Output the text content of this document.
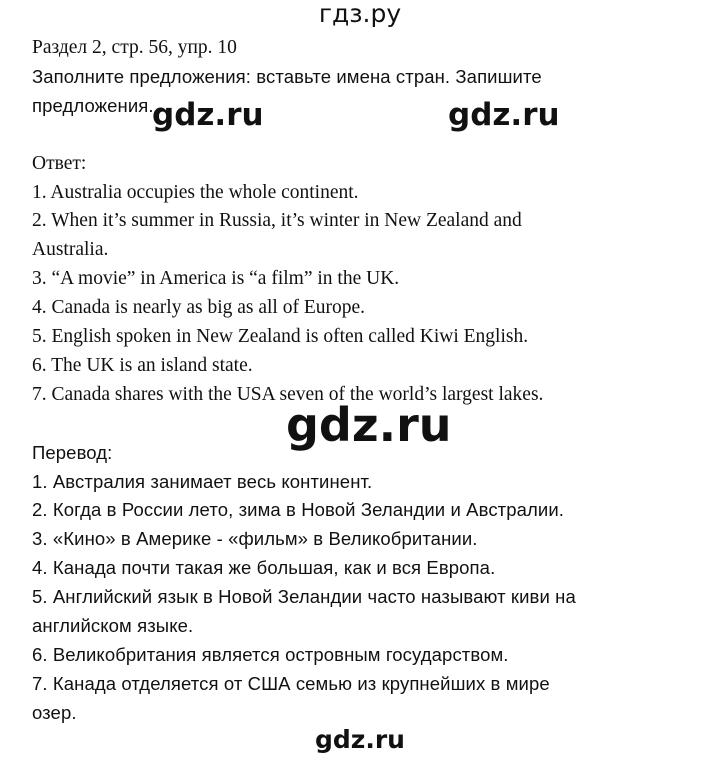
гдз.ру

Раздел 2, стр. 56, упр. 10

Заполните предложения: вставьте имена стран. Запишите

предложения.

Ответ:

1. Australia occupies the whole continent.

2. When it’s summer in Russia, it’s winter in New Zealand and

Australia.

3. “A movie” in America is “a film” in the UK.

4. Canada is nearly as big as all of Europe.

5. English spoken in New Zealand is often called Kiwi English.

6. The UK is an island state.

7. Canada shares with the USA seven of the world’s largest lakes.

Перевод:

1. Австралия занимает весь континент.

2. Когда в России лето, зима в Новой Зеландии и Австралии.

3. «Кино» в Америке - «фильм» в Великобритании.

4. Канада почти такая же большая, как и вся Европа.

5. Английский язык в Новой Зеландии часто называют киви на

английском языке.

6. Великобритания является островным государством.

7. Канада отделяется от США семью из крупнейших в мире

озер.

gdz.ru	gdz.ru
gdz.ru
gdz.ru
